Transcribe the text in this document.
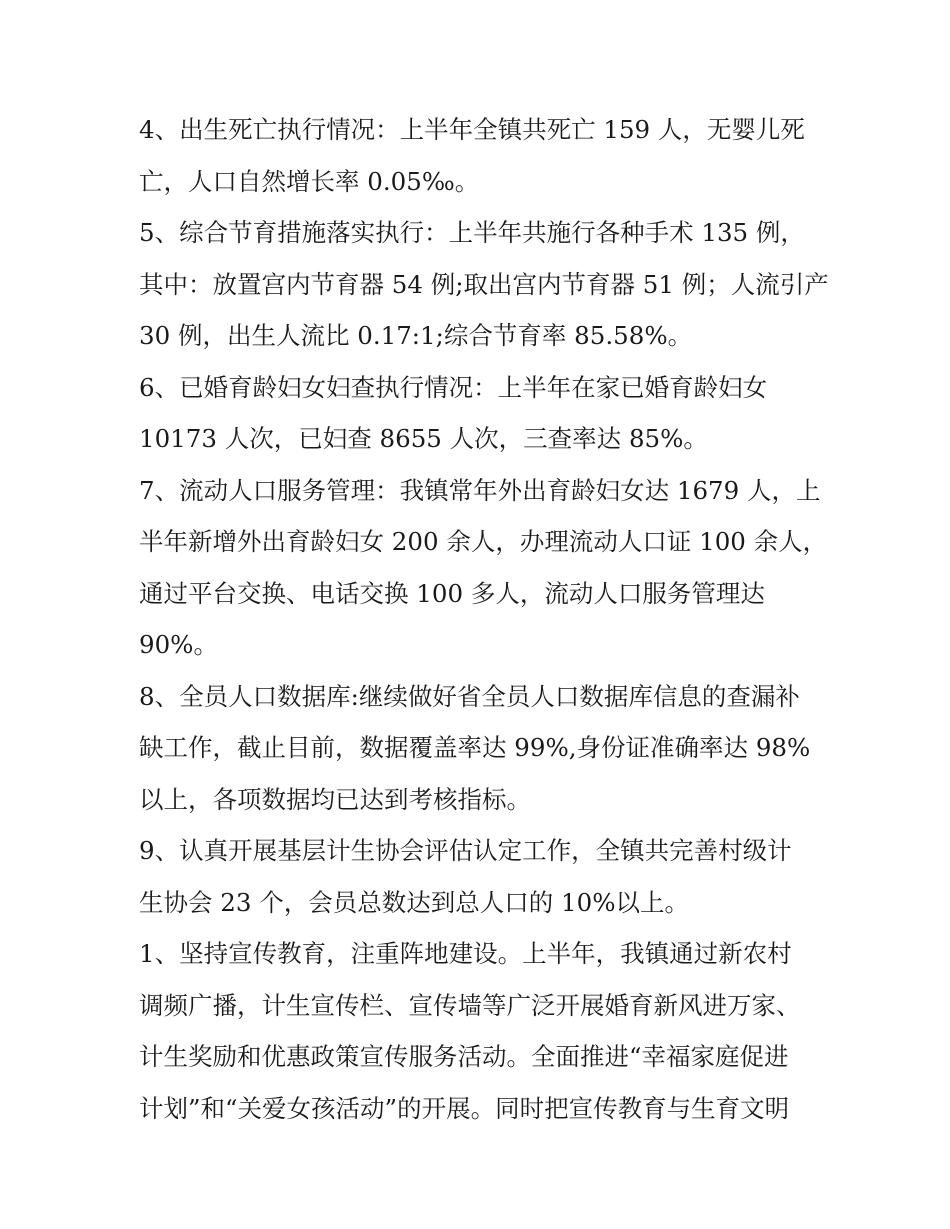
4、出生死亡执行情况：上半年全镇共死亡 159 人，无婴儿死
亡，人口自然增长率 0.05‰。

5、综合节育措施落实执行：上半年共施行各种手术 135 例，
其中：放置宫内节育器 54 例;取出宫内节育器 51 例；人流引产
30 例，出生人流比 0.17:1;综合节育率 85.58%。

6、已婚育龄妇女妇查执行情况：上半年在家已婚育龄妇女
10173 人次，已妇查 8655 人次，三查率达 85%。

7、流动人口服务管理：我镇常年外出育龄妇女达 1679 人，上
半年新增外出育龄妇女 200 余人，办理流动人口证 100 余人，
通过平台交换、电话交换 100 多人，流动人口服务管理达
90%。

8、全员人口数据库:继续做好省全员人口数据库信息的查漏补
缺工作，截止目前，数据覆盖率达 99%,身份证准确率达 98%
以上，各项数据均已达到考核指标。

9、认真开展基层计生协会评估认定工作，全镇共完善村级计
生协会 23 个，会员总数达到总人口的 10%以上。

1、坚持宣传教育，注重阵地建设。上半年，我镇通过新农村
调频广播，计生宣传栏、宣传墙等广泛开展婚育新风进万家、
计生奖励和优惠政策宣传服务活动。全面推进“幸福家庭促进
计划”和“关爱女孩活动”的开展。同时把宣传教育与生育文明
